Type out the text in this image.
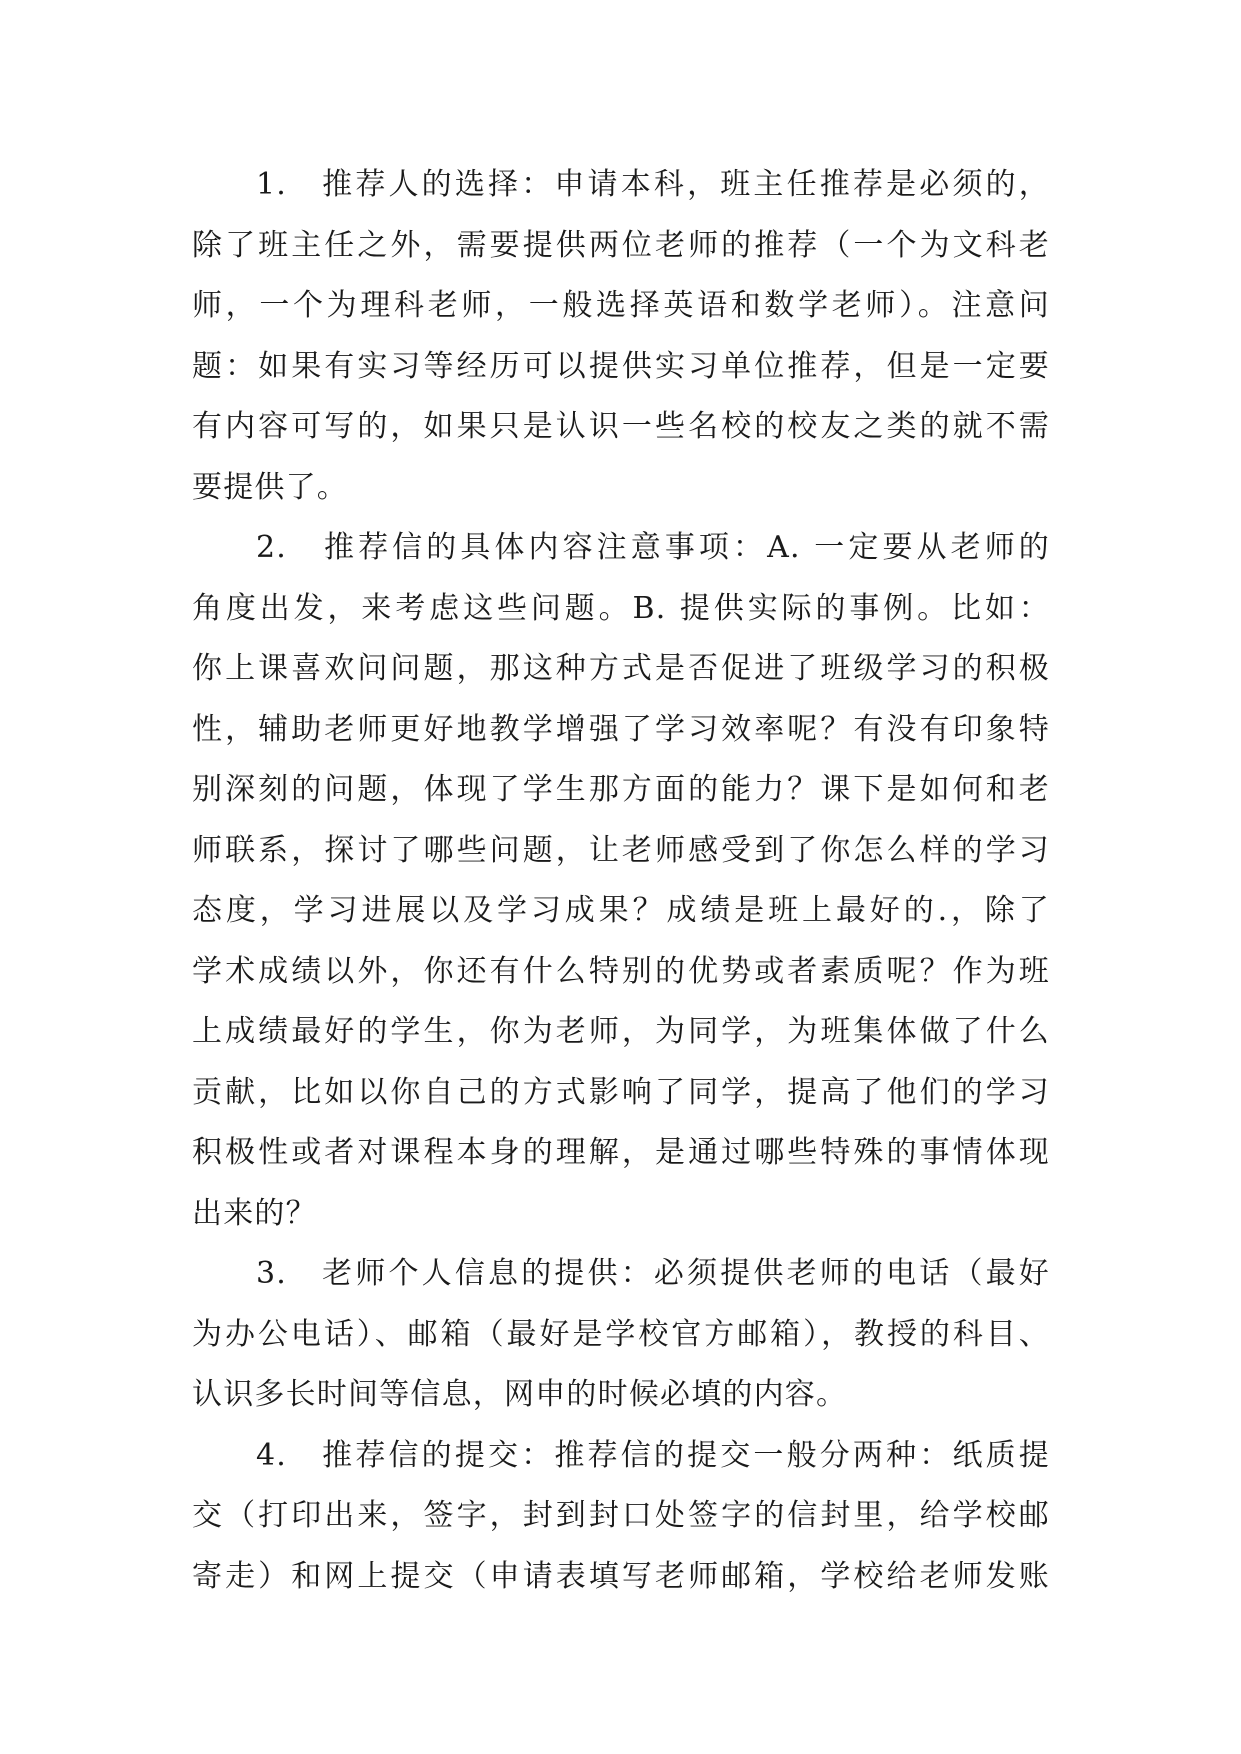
1.　推荐人的选择：申请本科，班主任推荐是必须的，
除了班主任之外，需要提供两位老师的推荐（一个为文科老
师，一个为理科老师，一般选择英语和数学老师）。注意问
题：如果有实习等经历可以提供实习单位推荐，但是一定要
有内容可写的，如果只是认识一些名校的校友之类的就不需
要提供了。
2.　推荐信的具体内容注意事项：A. 一定要从老师的
角度出发，来考虑这些问题。B. 提供实际的事例。比如：
你上课喜欢问问题，那这种方式是否促进了班级学习的积极
性，辅助老师更好地教学增强了学习效率呢？有没有印象特
别深刻的问题，体现了学生那方面的能力？课下是如何和老
师联系，探讨了哪些问题，让老师感受到了你怎么样的学习
态度，学习进展以及学习成果？成绩是班上最好的.，除了
学术成绩以外，你还有什么特别的优势或者素质呢？作为班
上成绩最好的学生，你为老师，为同学，为班集体做了什么
贡献，比如以你自己的方式影响了同学，提高了他们的学习
积极性或者对课程本身的理解，是通过哪些特殊的事情体现
出来的？
3.　老师个人信息的提供：必须提供老师的电话（最好
为办公电话）、邮箱（最好是学校官方邮箱），教授的科目、
认识多长时间等信息，网申的时候必填的内容。
4.　推荐信的提交：推荐信的提交一般分两种：纸质提
交（打印出来，签字，封到封口处签字的信封里，给学校邮
寄走）和网上提交（申请表填写老师邮箱，学校给老师发账
